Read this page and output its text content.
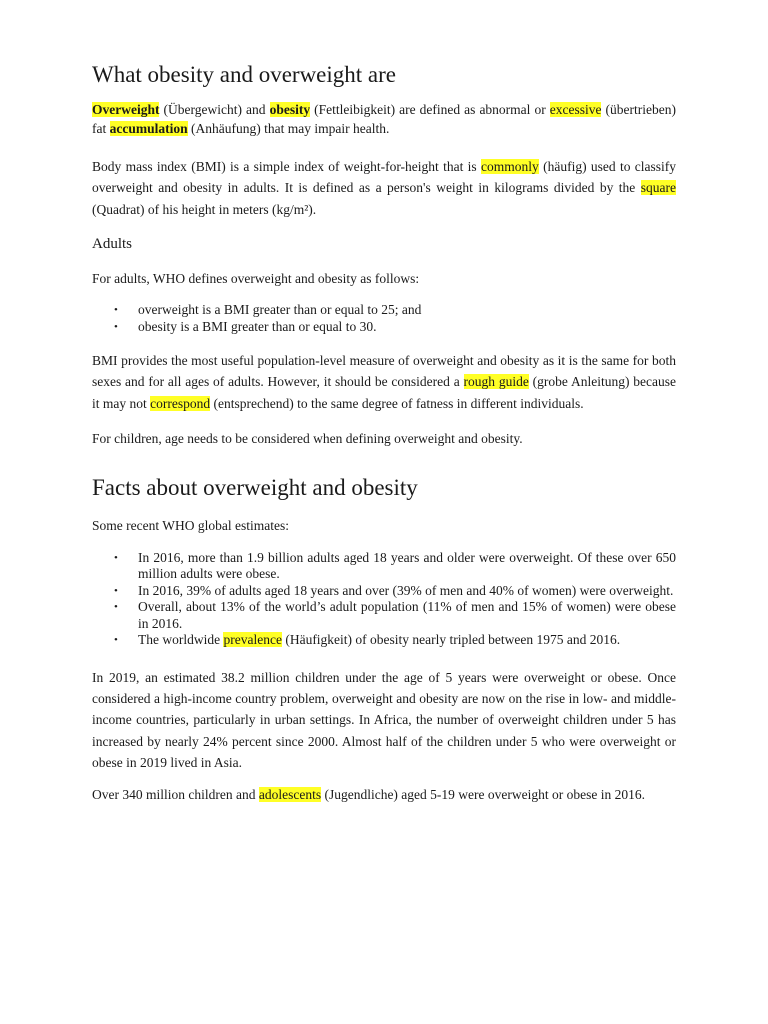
What obesity and overweight are

Overweight (Übergewicht) and obesity (Fettleibigkeit) are defined as abnormal or excessive (übertrieben) fat accumulation (Anhäufung) that may impair health.

Body mass index (BMI) is a simple index of weight-for-height that is commonly (häufig) used to classify overweight and obesity in adults. It is defined as a person's weight in kilograms divided by the square (Quadrat) of his height in meters (kg/m²).

Adults

For adults, WHO defines overweight and obesity as follows:

• overweight is a BMI greater than or equal to 25; and
• obesity is a BMI greater than or equal to 30.

BMI provides the most useful population-level measure of overweight and obesity as it is the same for both sexes and for all ages of adults. However, it should be considered a rough guide (grobe Anleitung) because it may not correspond (entsprechend) to the same degree of fatness in different individuals.

For children, age needs to be considered when defining overweight and obesity.

Facts about overweight and obesity

Some recent WHO global estimates:

• In 2016, more than 1.9 billion adults aged 18 years and older were overweight. Of these over 650 million adults were obese.
• In 2016, 39% of adults aged 18 years and over (39% of men and 40% of women) were overweight.
• Overall, about 13% of the world’s adult population (11% of men and 15% of women) were obese in 2016.
• The worldwide prevalence (Häufigkeit) of obesity nearly tripled between 1975 and 2016.

In 2019, an estimated 38.2 million children under the age of 5 years were overweight or obese. Once considered a high-income country problem, overweight and obesity are now on the rise in low- and middle-income countries, particularly in urban settings. In Africa, the number of overweight children under 5 has increased by nearly 24% percent since 2000. Almost half of the children under 5 who were overweight or obese in 2019 lived in Asia.

Over 340 million children and adolescents (Jugendliche) aged 5-19 were overweight or obese in 2016.
